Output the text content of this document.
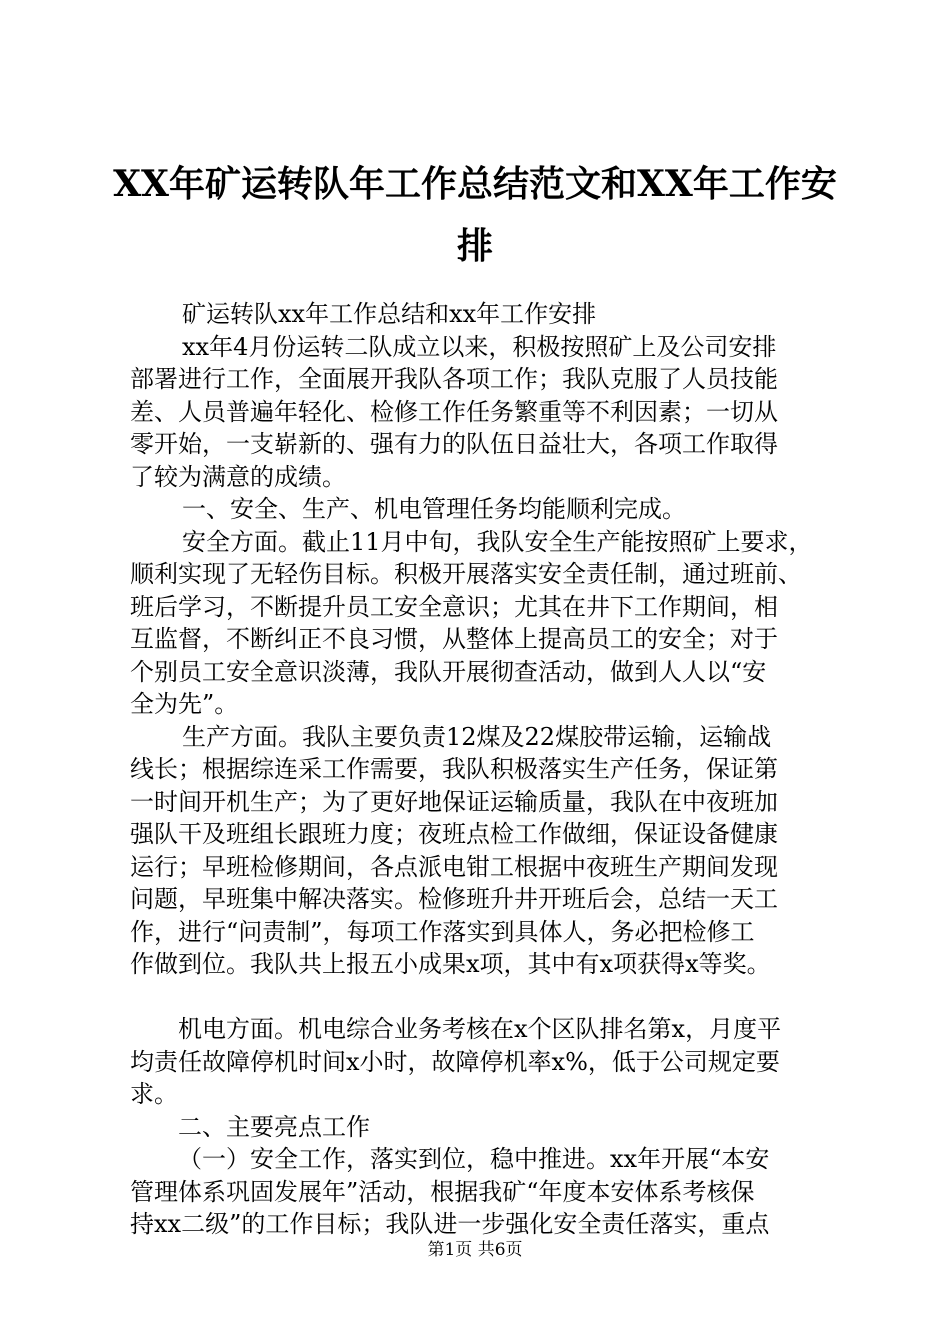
XX年矿运转队年工作总结范文和XX年工作安
排
矿运转队xx年工作总结和xx年工作安排
xx年4月份运转二队成立以来，积极按照矿上及公司安排
部署进行工作，全面展开我队各项工作；我队克服了人员技能
差、人员普遍年轻化、检修工作任务繁重等不利因素；一切从
零开始，一支崭新的、强有力的队伍日益壮大，各项工作取得
了较为满意的成绩。
一、安全、生产、机电管理任务均能顺利完成。
安全方面。截止11月中旬，我队安全生产能按照矿上要求，
顺利实现了无轻伤目标。积极开展落实安全责任制，通过班前、
班后学习，不断提升员工安全意识；尤其在井下工作期间，相
互监督，不断纠正不良习惯，从整体上提高员工的安全；对于
个别员工安全意识淡薄，我队开展彻查活动，做到人人以“安
全为先”。
生产方面。我队主要负责12煤及22煤胶带运输，运输战
线长；根据综连采工作需要，我队积极落实生产任务，保证第
一时间开机生产；为了更好地保证运输质量，我队在中夜班加
强队干及班组长跟班力度；夜班点检工作做细，保证设备健康
运行；早班检修期间，各点派电钳工根据中夜班生产期间发现
问题，早班集中解决落实。检修班升井开班后会，总结一天工
作，进行“问责制”，每项工作落实到具体人，务必把检修工
作做到位。我队共上报五小成果x项，其中有x项获得x等奖。
机电方面。机电综合业务考核在x个区队排名第x，月度平
均责任故障停机时间x小时，故障停机率x%，低于公司规定要
求。
二、主要亮点工作
（一）安全工作，落实到位，稳中推进。xx年开展“本安
管理体系巩固发展年”活动，根据我矿“年度本安体系考核保
持xx二级”的工作目标；我队进一步强化安全责任落实，重点
第1页 共6页
